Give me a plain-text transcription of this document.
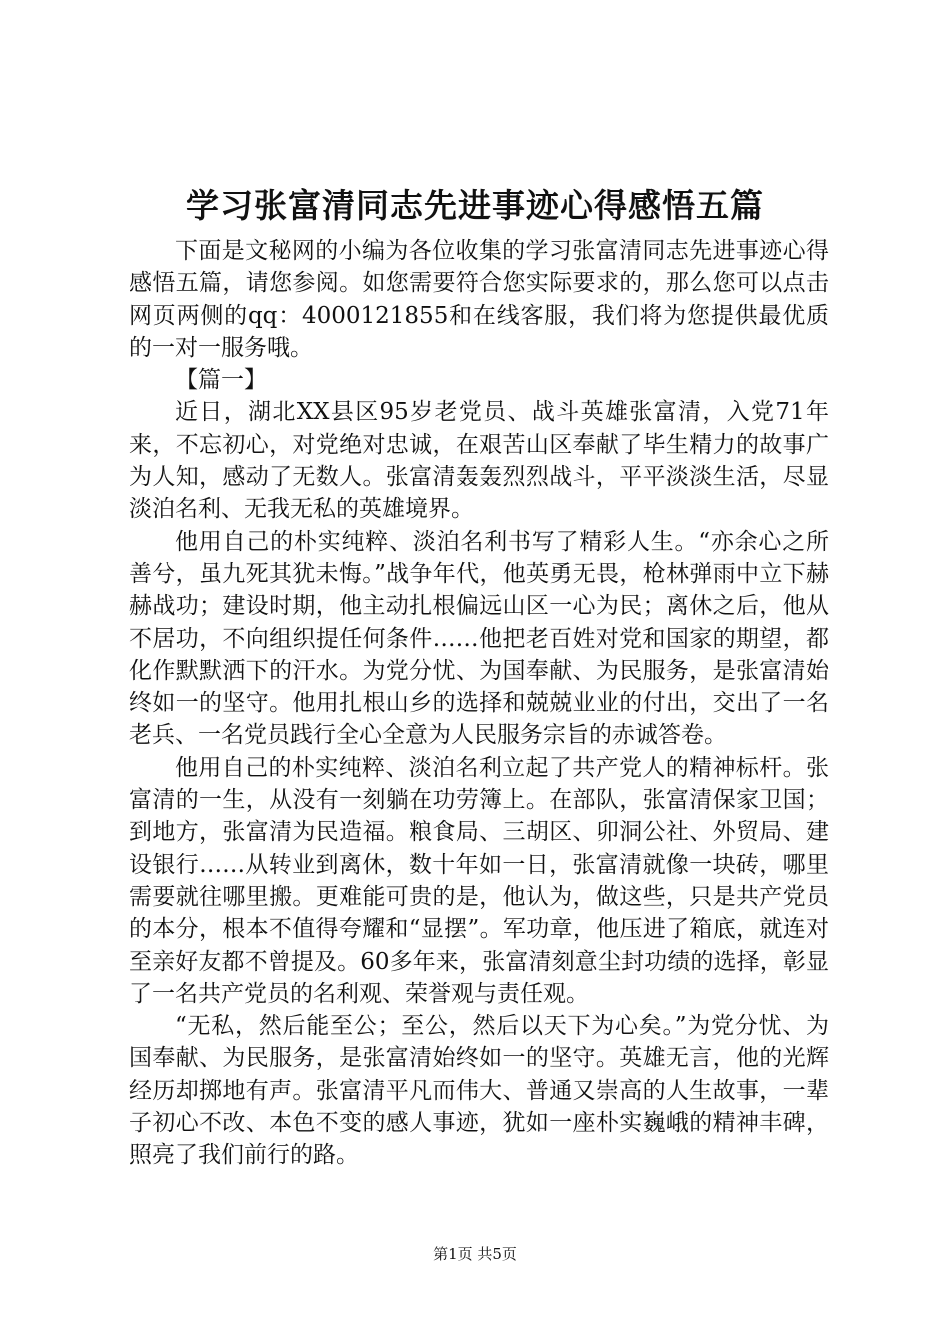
学习张富清同志先进事迹心得感悟五篇

下面是文秘网的小编为各位收集的学习张富清同志先进事迹心得感悟五篇，请您参阅。如您需要符合您实际要求的，那么您可以点击网页两侧的qq：4000121855和在线客服，我们将为您提供最优质的一对一服务哦。

【篇一】

近日，湖北XX县区95岁老党员、战斗英雄张富清，入党71年来，不忘初心，对党绝对忠诚，在艰苦山区奉献了毕生精力的故事广为人知，感动了无数人。张富清轰轰烈烈战斗，平平淡淡生活，尽显淡泊名利、无我无私的英雄境界。

他用自己的朴实纯粹、淡泊名利书写了精彩人生。“亦余心之所善兮，虽九死其犹未悔。”战争年代，他英勇无畏，枪林弹雨中立下赫赫战功；建设时期，他主动扎根偏远山区一心为民；离休之后，他从不居功，不向组织提任何条件……他把老百姓对党和国家的期望，都化作默默洒下的汗水。为党分忧、为国奉献、为民服务，是张富清始终如一的坚守。他用扎根山乡的选择和兢兢业业的付出，交出了一名老兵、一名党员践行全心全意为人民服务宗旨的赤诚答卷。

他用自己的朴实纯粹、淡泊名利立起了共产党人的精神标杆。张富清的一生，从没有一刻躺在功劳簿上。在部队，张富清保家卫国；到地方，张富清为民造福。粮食局、三胡区、卯洞公社、外贸局、建设银行……从转业到离休，数十年如一日，张富清就像一块砖，哪里需要就往哪里搬。更难能可贵的是，他认为，做这些，只是共产党员的本分，根本不值得夸耀和“显摆”。军功章，他压进了箱底，就连对至亲好友都不曾提及。60多年来，张富清刻意尘封功绩的选择，彰显了一名共产党员的名利观、荣誉观与责任观。

“无私，然后能至公；至公，然后以天下为心矣。”为党分忧、为国奉献、为民服务，是张富清始终如一的坚守。英雄无言，他的光辉经历却掷地有声。张富清平凡而伟大、普通又崇高的人生故事，一辈子初心不改、本色不变的感人事迹，犹如一座朴实巍峨的精神丰碑，照亮了我们前行的路。

第1页 共5页
